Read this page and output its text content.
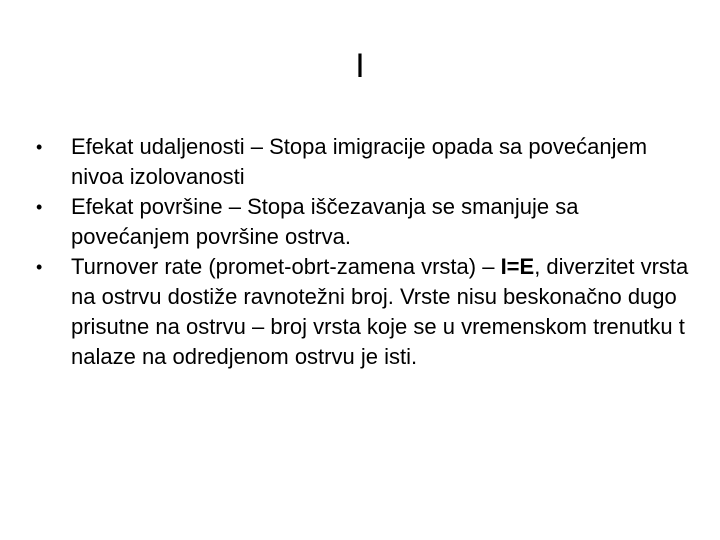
I
•	Efekat udaljenosti – Stopa imigracije opada sa povećanjem nivoa izolovanosti
•	Efekat površine – Stopa iščezavanja se smanjuje sa povećanjem površine ostrva.
•	Turnover rate (promet-obrt-zamena vrsta) – I=E, diverzitet vrsta na ostrvu dostiže ravnotežni broj. Vrste nisu beskonačno dugo prisutne na ostrvu – broj vrsta koje se u vremenskom trenutku t nalaze na odredjenom ostrvu je isti.
